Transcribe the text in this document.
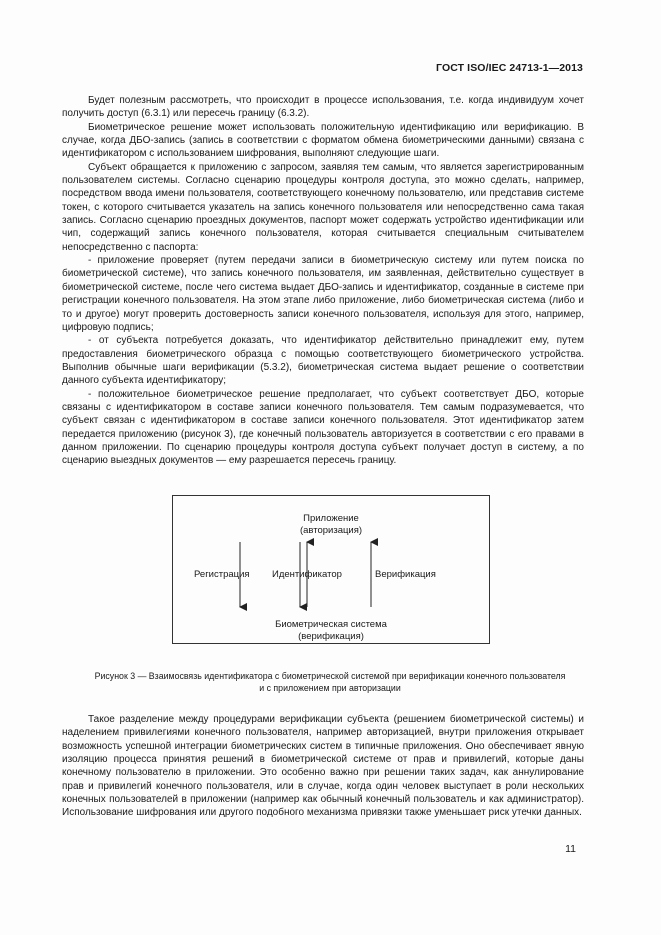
ГОСТ ISO/IEC 24713-1—2013

Будет полезным рассмотреть, что происходит в процессе использования, т.е. когда индивидуум хочет получить доступ (6.3.1) или пересечь границу (6.3.2).

Биометрическое решение может использовать положительную идентификацию или верификацию. В случае, когда ДБО-запись (запись в соответствии с форматом обмена биометрическими данными) связана с идентификатором с использованием шифрования, выполняют следующие шаги.

Субъект обращается к приложению с запросом, заявляя тем самым, что является зарегистрированным пользователем системы. Согласно сценарию процедуры контроля доступа, это можно сделать, например, посредством ввода имени пользователя, соответствующего конечному пользователю, или представив системе токен, с которого считывается указатель на запись конечного пользователя или непосредственно сама такая запись. Согласно сценарию проездных документов, паспорт может содержать устройство идентификации или чип, содержащий запись конечного пользователя, которая считывается специальным считывателем непосредственно с паспорта:

- приложение проверяет (путем передачи записи в биометрическую систему или путем поиска по биометрической системе), что запись конечного пользователя, им заявленная, действительно существует в биометрической системе, после чего система выдает ДБО-запись и идентификатор, созданные в системе при регистрации конечного пользователя. На этом этапе либо приложение, либо биометрическая система (либо и то и другое) могут проверить достоверность записи конечного пользователя, используя для этого, например, цифровую подпись;

- от субъекта потребуется доказать, что идентификатор действительно принадлежит ему, путем предоставления биометрического образца с помощью соответствующего биометрического устройства. Выполнив обычные шаги верификации (5.3.2), биометрическая система выдает решение о соответствии данного субъекта идентификатору;

- положительное биометрическое решение предполагает, что субъект соответствует ДБО, которые связаны с идентификатором в составе записи конечного пользователя. Тем самым подразумевается, что субъект связан с идентификатором в составе записи конечного пользователя. Этот идентификатор затем передается приложению (рисунок 3), где конечный пользователь авторизуется в соответствии с его правами в данном приложении. По сценарию процедуры контроля доступа субъект получает доступ в систему, а по сценарию выездных документов — ему разрешается пересечь границу.

Приложение
(авторизация)
Регистрация Идентификатор	Верификация
Биометрическая система
(верификация)
Рисунок 3 — Взаимосвязь идентификатора с биометрической системой при верификации конечного пользователя
и с приложением при авторизации

Такое разделение между процедурами верификации субъекта (решением биометрической системы) и наделением привилегиями конечного пользователя, например авторизацией, внутри приложения открывает возможность успешной интеграции биометрических систем в типичные приложения. Оно обеспечивает явную изоляцию процесса принятия решений в биометрической системе от прав и привилегий, которые даны конечному пользователю в приложении. Это особенно важно при решении таких задач, как аннулирование прав и привилегий конечного пользователя, или в случае, когда один человек выступает в роли нескольких конечных пользователей в приложении (например как обычный конечный пользователь и как администратор). Использование шифрования или другого подобного механизма привязки также уменьшает риск утечки данных.

11
